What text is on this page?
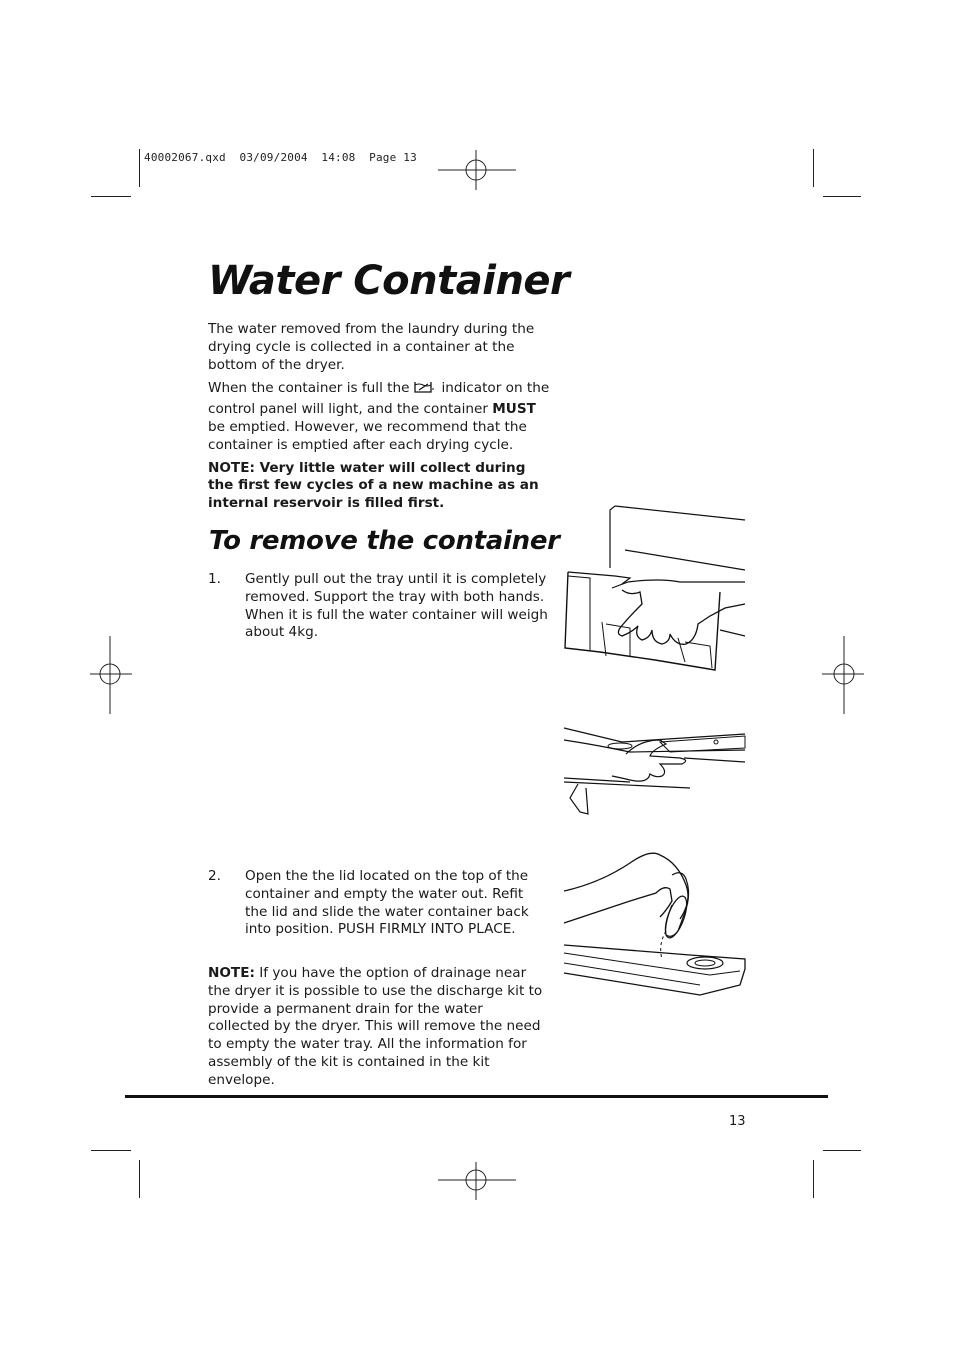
40002067.qxd  03/09/2004  14:08  Page 13
Water Container

The water removed from the laundry during the drying cycle is collected in a container at the bottom of the dryer.

When the container is full the indicator on the control panel will light, and the container MUST be emptied. However, we recommend that the container is emptied after each drying cycle.

NOTE: Very little water will collect during the first few cycles of a new machine as an internal reservoir is filled first.

To remove the container
1.	Gently pull out the tray until it is completely removed. Support the tray with both hands. When it is full the water container will weigh about 4kg.
2.	Open the the lid located on the top of the container and empty the water out. Refit the lid and slide the water container back into position. PUSH FIRMLY INTO PLACE.
NOTE: If you have the option of drainage near the dryer it is possible to use the discharge kit to provide a permanent drain for the water collected by the dryer. This will remove the need to empty the water tray. All the information for assembly of the kit is contained in the kit envelope.
13
